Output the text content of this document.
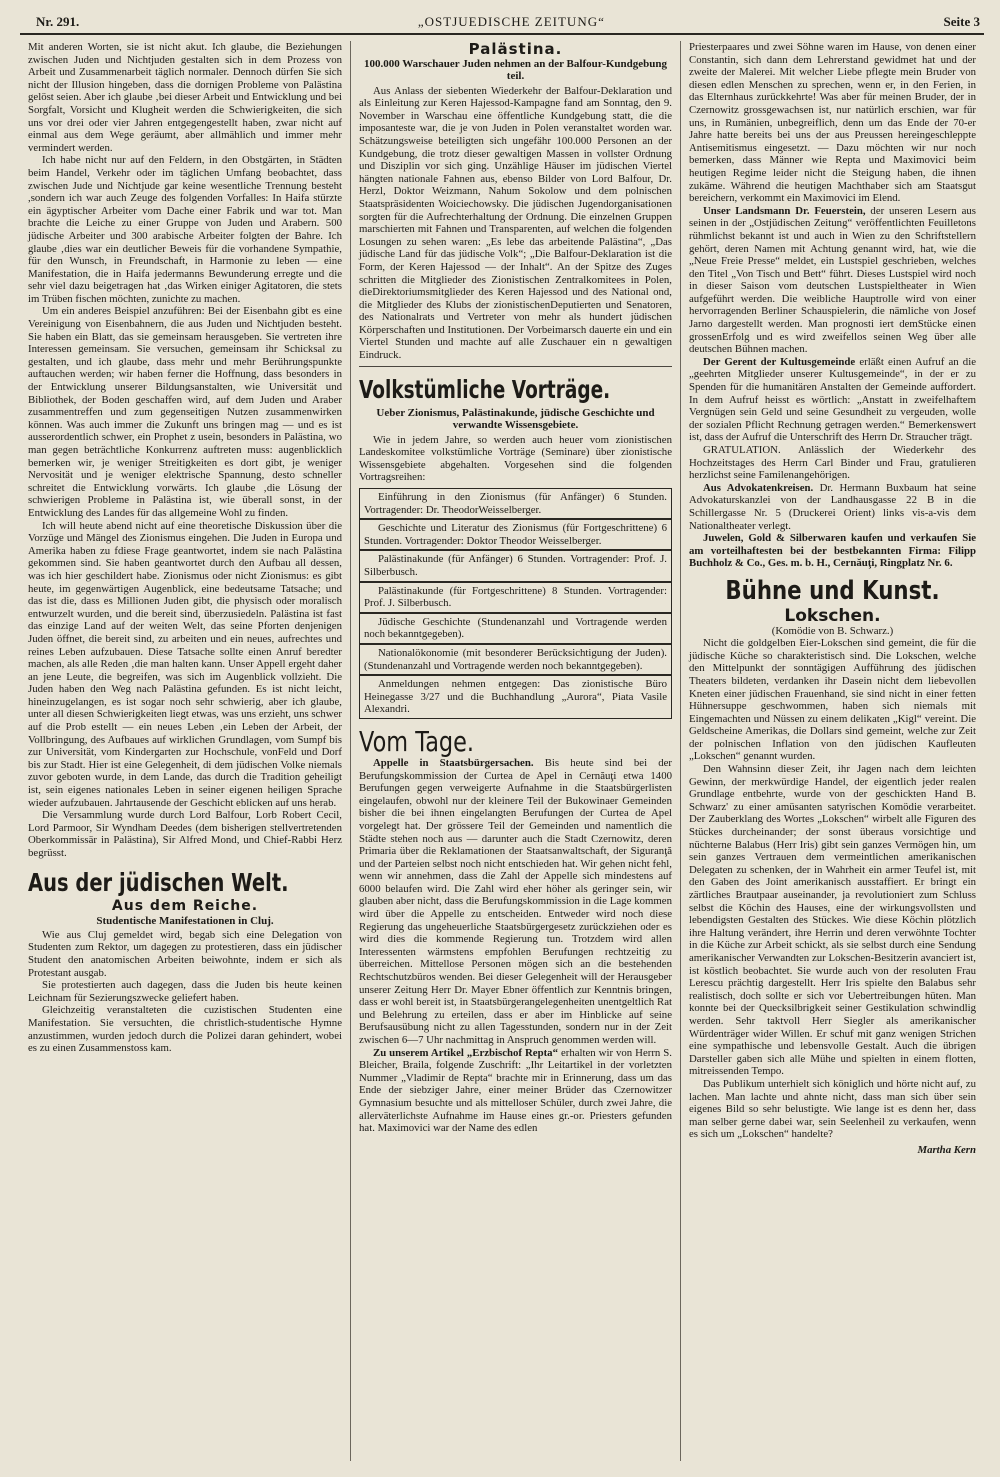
Nr. 291.	„OSTJUEDISCHE ZEITUNG“	Seite 3

Mit anderen Worten, sie ist nicht akut. Ich glaube, die Beziehungen zwischen Juden und Nichtjuden gestalten sich in dem Prozess von Arbeit und Zusammenarbeit täglich normaler. Dennoch dürfen Sie sich nicht der Illusion hingeben, dass die dornigen Probleme von Palästina gelöst seien. Aber ich glaube ‚bei dieser Arbeit und Entwicklung und bei Sorgfalt, Vorsicht und Klugheit werden die Schwierigkeiten, die sich uns vor drei oder vier Jahren entgegengestellt haben, zwar nicht auf einmal aus dem Wege geräumt, aber allmählich und immer mehr vermindert werden.

Ich habe nicht nur auf den Feldern, in den Obstgärten, in Städten beim Handel, Verkehr oder im täglichen Umfang beobachtet, dass zwischen Jude und Nichtjude gar keine wesentliche Trennung besteht ,sondern ich war auch Zeuge des folgenden Vorfalles: In Haifa stürzte ein ägyptischer Arbeiter vom Dache einer Fabrik und war tot. Man brachte die Leiche zu einer Gruppe von Juden und Arabern. 500 jüdische Arbeiter und 300 arabische Arbeiter folgten der Bahre. Ich glaube ‚dies war ein deutlicher Beweis für die vorhandene Sympathie, für den Wunsch, in Freundschaft, in Harmonie zu leben — eine Manifestation, die in Haifa jedermanns Bewunderung erregte und die sehr viel dazu beigetragen hat ‚das Wirken einiger Agitatoren, die stets im Trüben fischen möchten, zunichte zu machen.

Um ein anderes Beispiel anzuführen: Bei der Eisenbahn gibt es eine Vereinigung von Eisenbahnern, die aus Juden und Nichtjuden besteht. Sie haben ein Blatt, das sie gemeinsam herausgeben. Sie vertreten ihre Interessen gemeinsam. Sie versuchen, gemeinsam ihr Schicksal zu gestalten, und ich glaube, dass mehr und mehr Berührungspunkte auftauchen werden; wir haben ferner die Hoffnung, dass besonders in der Entwicklung unserer Bildungsanstalten, wie Universität und Bibliothek, der Boden geschaffen wird, auf dem Juden und Araber zusammentreffen und zum gegenseitigen Nutzen zusammenwirken können. Was auch immer die Zukunft uns bringen mag — und es ist ausserordentlich schwer, ein Prophet z usein, besonders in Palästina, wo man gegen beträchtliche Konkurrenz auftreten muss: augenblicklich bemerken wir, je weniger Streitigkeiten es dort gibt, je weniger Nervosität und je weniger elektrische Spannung, desto schneller schreitet die Entwicklung vorwärts. Ich glaube ‚die Lösung der schwierigen Probleme in Palästina ist, wie überall sonst, in der Entwicklung des Landes für das allgemeine Wohl zu finden.

Ich will heute abend nicht auf eine theoretische Diskussion über die Vorzüge und Mängel des Zionismus eingehen. Die Juden in Europa und Amerika haben zu fdiese Frage geantwortet, indem sie nach Palästina gekommen sind. Sie haben geantwortet durch den Aufbau all dessen, was ich hier geschildert habe. Zionismus oder nicht Zionismus: es gibt heute, im gegenwärtigen Augenblick, eine bedeutsame Tatsache; und das ist die, dass es Millionen Juden gibt, die physisch oder moralisch entwurzelt wurden, und die bereit sind, überzusiedeln. Palästina ist fast das einzige Land auf der weiten Welt, das seine Pforten denjenigen Juden öffnet, die bereit sind, zu arbeiten und ein neues, aufrechtes und reines Leben aufzubauen. Diese Tatsache sollte einen Anruf beredter machen, als alle Reden ‚die man halten kann. Unser Appell ergeht daher an jene Leute, die begreifen, was sich im Augenblick vollzieht. Die Juden haben den Weg nach Palästina gefunden. Es ist nicht leicht, hineinzugelangen, es ist sogar noch sehr schwierig, aber ich glaube, unter all diesen Schwierigkeiten liegt etwas, was uns erzieht, uns schwer auf die Prob estellt — ein neues Leben ‚ein Leben der Arbeit, der Vollbringung, des Aufbaues auf wirklichen Grundlagen, vom Sumpf bis zur Universität, vom Kindergarten zur Hochschule, vonFeld und Dorf bis zur Stadt. Hier ist eine Gelegenheit, di dem jüdischen Volke niemals zuvor geboten wurde, in dem Lande, das durch die Tradition geheiligt ist, sein eigenes nationales Leben in seiner eigenen heiligen Sprache wieder aufzubauen. Jahrtausende der Geschicht eblicken auf uns herab.

Die Versammlung wurde durch Lord Balfour, Lorb Robert Cecil, Lord Parmoor, Sir Wyndham Deedes (dem bisherigen stellvertretenden Oberkommissär in Palästina), Sir Alfred Mond, und Chief-Rabbi Herz begrüsst.

Aus der jüdischen Welt.
Aus dem Reiche.
Studentische Manifestationen in Cluj.

Wie aus Cluj gemeldet wird, begab sich eine Delegation von Studenten zum Rektor, um dagegen zu protestieren, dass ein jüdischer Student den anatomischen Arbeiten beiwohnte, indem er sich als Protestant ausgab.

Sie protestierten auch dagegen, dass die Juden bis heute keinen Leichnam für Sezierungszwecke geliefert haben.

Gleichzeitig veranstalteten die cuzistischen Studenten eine Manifestation. Sie versuchten, die christlich-studentische Hymne anzustimmen, wurden jedoch durch die Polizei daran gehindert, wobei es zu einen Zusammenstoss kam.

Palästina.
100.000 Warschauer Juden nehmen an der Balfour-Kundgebung teil.

Aus Anlass der siebenten Wiederkehr der Balfour-Deklaration und als Einleitung zur Keren Hajessod-Kampagne fand am Sonntag, den 9. November in Warschau eine öffentliche Kundgebung statt, die die imposanteste war, die je von Juden in Polen veranstaltet worden war. Schätzungsweise beteiligten sich ungefähr 100.000 Personen an der Kundgebung, die trotz dieser gewaltigen Massen in vollster Ordnung und Disziplin vor sich ging. Unzählige Häuser im jüdischen Viertel hängten nationale Fahnen aus, ebenso Bilder von Lord Balfour, Dr. Herzl, Doktor Weizmann, Nahum Sokolow und dem polnischen Staatspräsidenten Woiciechowsky. Die jüdischen Jugendorganisationen sorgten für die Aufrechterhaltung der Ordnung. Die einzelnen Gruppen marschierten mit Fahnen und Transparenten, auf welchen die folgenden Losungen zu sehen waren: „Es lebe das arbeitende Palästina“, „Das jüdische Land für das jüdische Volk“; „Die Balfour-Deklaration ist die Form, der Keren Hajessod — der Inhalt“. An der Spitze des Zuges schritten die Mitglieder des Zionistischen Zentralkomitees in Polen, dieDirektoriumsmitglieder des Keren Hajessod und des National ond, die Mitglieder des Klubs der zionistischenDeputierten und Senatoren, des Nationalrats und Vertreter von mehr als hundert jüdischen Körperschaften und Institutionen. Der Vorbeimarsch dauerte ein und ein Viertel Stunden und machte auf alle Zuschauer ein n gewaltigen Eindruck.

Volkstümliche Vorträge.
Ueber Zionismus, Palästinakunde, jüdische Geschichte und verwandte Wissensgebiete.

Wie in jedem Jahre, so werden auch heuer vom zionistischen Landeskomitee volkstümliche Vorträge (Seminare) über zionistische Wissensgebiete abgehalten. Vorgesehen sind die folgenden Vortragsreihen:

Einführung in den Zionismus (für Anfänger) 6 Stunden. Vortragender: Dr. TheodorWeisselberger.

Geschichte und Literatur des Zionismus (für Fortgeschrittene) 6 Stunden. Vortragender: Doktor Theodor Weisselberger.

Palästinakunde (für Anfänger) 6 Stunden. Vortragender: Prof. J. Silberbusch.

Palästinakunde (für Fortgeschrittene) 8 Stunden. Vortragender: Prof. J. Silberbusch.

Jüdische Geschichte (Stundenanzahl und Vortragende werden noch bekanntgegeben).

Nationalökonomie (mit besonderer Berücksichtigung der Juden). (Stundenanzahl und Vortragende werden noch bekanntgegeben).

Anmeldungen nehmen entgegen: Das zionistische Büro Heinegasse 3/27 und die Buchhandlung „Aurora“, Piata Vasile Alexandri.

Vom Tage.

Appelle in Staatsbürgersachen. Bis heute sind bei der Berufungskommission der Curtea de Apel in Cernăuţi etwa 1400 Berufungen gegen verweigerte Aufnahme in die Staatsbürgerlisten eingelaufen, obwohl nur der kleinere Teil der Bukowinaer Gemeinden bisher die bei ihnen eingelangten Berufungen der Curtea de Apel vorgelegt hat. Der grössere Teil der Gemeinden und namentlich die Städte stehen noch aus — darunter auch die Stadt Czernowitz, deren Primaria über die Reklamationen der Staatsanwaltschaft, der Siguranţă und der Parteien selbst noch nicht entschieden hat. Wir gehen nicht fehl, wenn wir annehmen, dass die Zahl der Appelle sich mindestens auf 6000 belaufen wird. Die Zahl wird eher höher als geringer sein, wir glauben aber nicht, dass die Berufungskommission in die Lage kommen wird über die Appelle zu entscheiden. Entweder wird noch diese Regierung das ungeheuerliche Staatsbürgergesetz zurückziehen oder es wird dies die kommende Regierung tun. Trotzdem wird allen Interessenten wärmstens empfohlen Berufungen rechtzeitig zu überreichen. Mittellose Personen mögen sich an die bestehenden Rechtschutzbüros wenden. Bei dieser Gelegenheit will der Herausgeber unserer Zeitung Herr Dr. Mayer Ebner öffentlich zur Kenntnis bringen, dass er wohl bereit ist, in Staatsbürgerangelegenheiten unentgeltlich Rat und Belehrung zu erteilen, dass er aber im Hinblicke auf seine Berufsausübung nicht zu allen Tagesstunden, sondern nur in der Zeit zwischen 6—7 Uhr nachmittag in Anspruch genommen werden will.

Zu unserem Artikel „Erzbischof Repta“ erhalten wir von Herrn S. Bleicher, Braila, folgende Zuschrift: „Ihr Leitartikel in der vorletzten Nummer „Vladimir de Repta“ brachte mir in Erinnerung, dass um das Ende der siebziger Jahre, einer meiner Brüder das Czernowitzer Gymnasium besuchte und als mittelloser Schüler, durch zwei Jahre, die allerväterlichste Aufnahme im Hause eines gr.-or. Priesters gefunden hat. Maximovici war der Name des edlen

Priesterpaares und zwei Söhne waren im Hause, von denen einer Constantin, sich dann dem Lehrerstand gewidmet hat und der zweite der Malerei. Mit welcher Liebe pflegte mein Bruder von diesen edlen Menschen zu sprechen, wenn er, in den Ferien, in das Elternhaus zurückkehrte! Was aber für meinen Bruder, der in Czernowitz grossgewachsen ist, nur natürlich erschien, war für uns, in Rumänien, unbegreiflich, denn um das Ende der 70-er Jahre hatte bereits bei uns der aus Preussen hereingeschleppte Antisemitismus eingesetzt. — Dazu möchten wir nur noch bemerken, dass Männer wie Repta und Maximovici beim heutigen Regime leider nicht die Steigung haben, die ihnen zukäme. Während die heutigen Machthaber sich am Staatsgut bereichern, verkommt ein Maximovici im Elend.

Unser Landsmann Dr. Feuerstein, der unseren Lesern aus seinen in der „Ostjüdischen Zeitung“ veröffentlichten Feuilletons rühmlichst bekannt ist und auch in Wien zu den Schriftstellern gehört, deren Namen mit Achtung genannt wird, hat, wie die „Neue Freie Presse“ meldet, ein Lustspiel geschrieben, welches den Titel „Von Tisch und Bett“ führt. Dieses Lustspiel wird noch in dieser Saison vom deutschen Lustspieltheater in Wien aufgeführt werden. Die weibliche Hauptrolle wird von einer hervorragenden Berliner Schauspielerin, die nämliche von Josef Jarno dargestellt werden. Man prognosti iert demStücke einen grossenErfolg und es wird zweifellos seinen Weg über alle deutschen Bühnen machen.

Der Gerent der Kultusgemeinde erläßt einen Aufruf an die „geehrten Mitglieder unserer Kultusgemeinde“, in der er zu Spenden für die humanitären Anstalten der Gemeinde auffordert. In dem Aufruf heisst es wörtlich: „Anstatt in zweifelhaftem Vergnügen sein Geld und seine Gesundheit zu vergeuden, wolle der sozialen Pflicht Rechnung getragen werden.“ Bemerkenswert ist, dass der Aufruf die Unterschrift des Herrn Dr. Straucher trägt.

GRATULATION. Anlässlich der Wiederkehr des Hochzeitstages des Herrn Carl Binder und Frau, gratulieren herzlichst seine Familenangehörigen.

Aus Advokatenkreisen. Dr. Hermann Buxbaum hat seine Advokaturskanzlei von der Landhausgasse 22 B in die Schillergasse Nr. 5 (Druckerei Orient) links vis-a-vis dem Nationaltheater verlegt.

Juwelen, Gold & Silberwaren kaufen und verkaufen Sie am vorteilhaftesten bei der bestbekannten Firma: Filipp Buchholz & Co., Ges. m. b. H., Cernăuţi, Ringplatz Nr. 6.

Bühne und Kunst.
Lokschen.
(Komödie von B. Schwarz.)

Nicht die goldgelben Eier-Lokschen sind gemeint, die für die jüdische Küche so charakteristisch sind. Die Lokschen, welche den Mittelpunkt der sonntägigen Aufführung des jüdischen Theaters bildeten, verdanken ihr Dasein nicht dem liebevollen Kneten einer jüdischen Frauenhand, sie sind nicht in einer fetten Hühnersuppe geschwommen, haben sich niemals mit Eingemachten und Nüssen zu einem delikaten „Kigl“ vereint. Die Geldscheine Amerikas, die Dollars sind gemeint, welche zur Zeit der polnischen Inflation von den jüdischen Kaufleuten „Lokschen“ genannt wurden.

Den Wahnsinn dieser Zeit, ihr Jagen nach dem leichten Gewinn, der merkwürdige Handel, der eigentlich jeder realen Grundlage entbehrte, wurde von der geschickten Hand B. Schwarz' zu einer amüsanten satyrischen Komödie verarbeitet. Der Zauberklang des Wortes „Lokschen“ wirbelt alle Figuren des Stückes durcheinander; der sonst überaus vorsichtige und nüchterne Balabus (Herr Iris) gibt sein ganzes Vermögen hin, um sein ganzes Vertrauen dem vermeintlichen amerikanischen Delegaten zu schenken, der in Wahrheit ein armer Teufel ist, mit den Gaben des Joint amerikanisch ausstaffiert. Er bringt ein zärtliches Brautpaar auseinander, ja revolutioniert zum Schluss selbst die Köchin des Hauses, eine der wirkungsvollsten und lebendigsten Gestalten des Stückes. Wie diese Köchin plötzlich ihre Haltung verändert, ihre Herrin und deren verwöhnte Tochter in die Küche zur Arbeit schickt, als sie selbst durch eine Sendung amerikanischer Verwandten zur Lokschen-Besitzerin avanciert ist, ist köstlich beobachtet. Sie wurde auch von der resoluten Frau Lerescu prächtig dargestellt. Herr Iris spielte den Balabus sehr realistisch, doch sollte er sich vor Uebertreibungen hüten. Man konnte bei der Quecksilbrigkeit seiner Gestikulation schwindlig werden. Sehr taktvoll Herr Siegler als amerikanischer Würdenträger wider Willen. Er schuf mit ganz wenigen Strichen eine sympathische und lebensvolle Gestalt. Auch die übrigen Darsteller gaben sich alle Mühe und spielten in einem flotten, mitreissenden Tempo.

Das Publikum unterhielt sich königlich und hörte nicht auf, zu lachen. Man lachte und ahnte nicht, dass man sich über sein eigenes Bild so sehr belustigte. Wie lange ist es denn her, dass man selber gerne dabei war, sein Seelenheil zu verkaufen, wenn es sich um „Lokschen“ handelte?

Martha Kern
